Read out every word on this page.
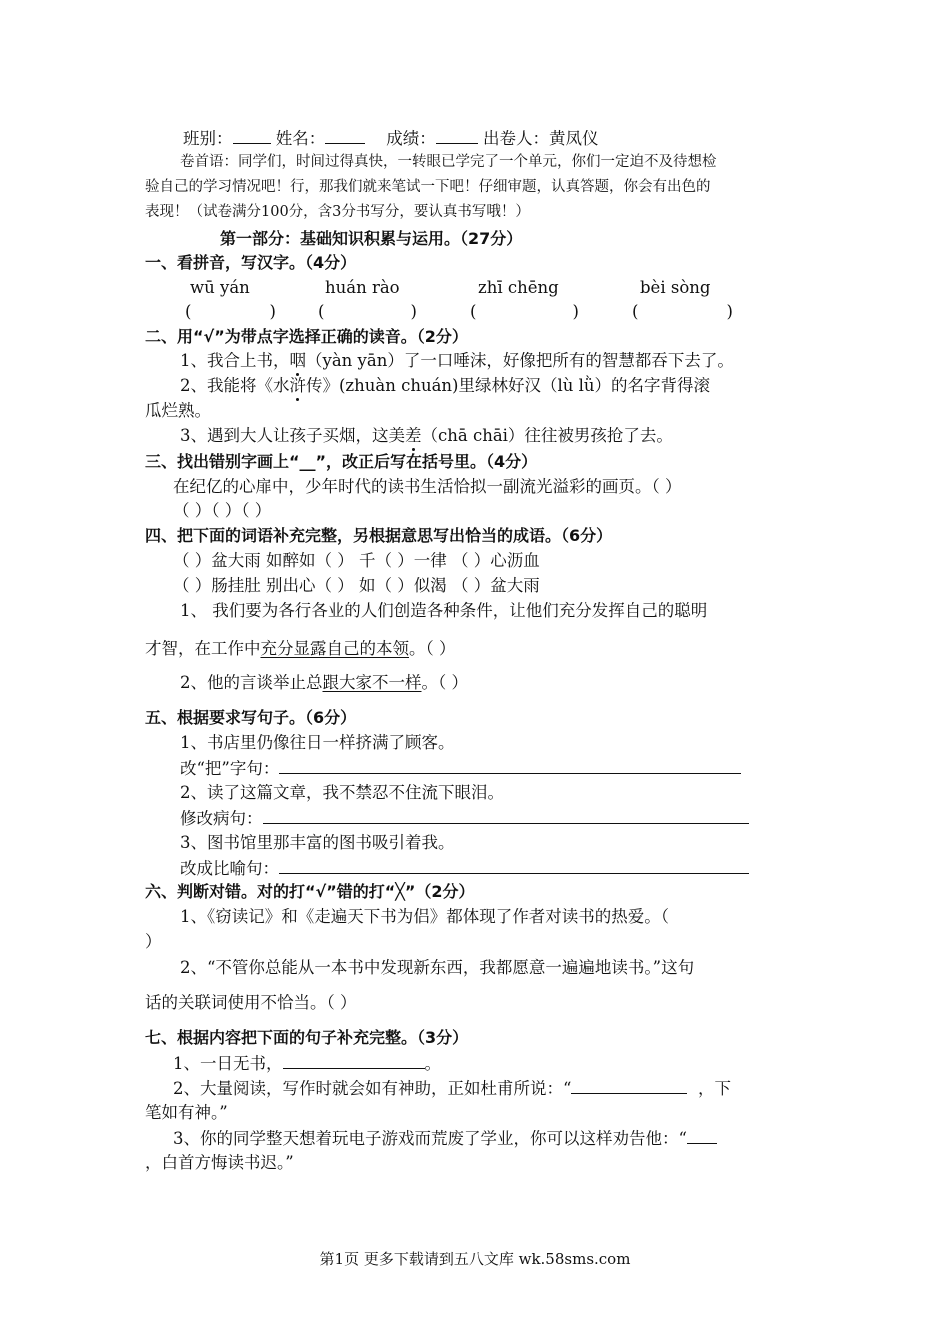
班别：	姓名：	成绩：	出卷人：黄凤仪
卷首语：同学们，时间过得真快，一转眼已学完了一个单元，你们一定迫不及待想检
验自己的学习情况吧！行，那我们就来笔试一下吧！仔细审题，认真答题，你会有出色的
表现！（试卷满分100分，含3分书写分，要认真书写哦！）
第一部分：基础知识积累与运用。（27分）
一、看拼音，写汉字。（4分）
wū yán	huán rào	zhī chēng	bèi sòng
(	)	(	)	(	)	(	)
二、用“√”为带点字选择正确的读音。（2分）
1、我合上书，咽（yàn yān）了一口唾沫，好像把所有的智慧都吞下去了。
2、我能将《水浒传》(zhuàn chuán)里绿林好汉（lù lǜ）的名字背得滚
瓜烂熟。
3、遇到大人让孩子买烟，这美差（chā chāi）往往被男孩抢了去。
三、找出错别字画上“__”，改正后写在括号里。（4分）
在纪亿的心扉中，少年时代的读书生活恰拟一副流光溢彩的画页。（ ）
（ ）（ ）（ ）
四、把下面的词语补充完整，另根据意思写出恰当的成语。（6分）
（ ）盆大雨 如醉如（ ） 千（ ）一律 （ ）心沥血
（ ）肠挂肚 别出心（ ） 如（ ）似渴 （ ）盆大雨
1、 我们要为各行各业的人们创造各种条件，让他们充分发挥自己的聪明
才智，在工作中充分显露自己的本领。（ ）
2、他的言谈举止总跟大家不一样。（ ）
五、根据要求写句子。（6分）
1、书店里仍像往日一样挤满了顾客。
改“把”字句：
2、读了这篇文章，我不禁忍不住流下眼泪。
修改病句：
3、图书馆里那丰富的图书吸引着我。
改成比喻句：
六、判断对错。对的打“√”错的打“╳”（2分）
1、《窃读记》和《走遍天下书为侣》都体现了作者对读书的热爱。（
）
2、“不管你总能从一本书中发现新东西，我都愿意一遍遍地读书。”这句
话的关联词使用不恰当。（ ）
七、根据内容把下面的句子补充完整。（3分）
1、一日无书，	。
2、大量阅读，写作时就会如有神助，正如杜甫所说：“	，下
笔如有神。”
3、你的同学整天想着玩电子游戏而荒废了学业，你可以这样劝告他：“
，白首方悔读书迟。”
第1页 更多下载请到五八文库 wk.58sms.com
